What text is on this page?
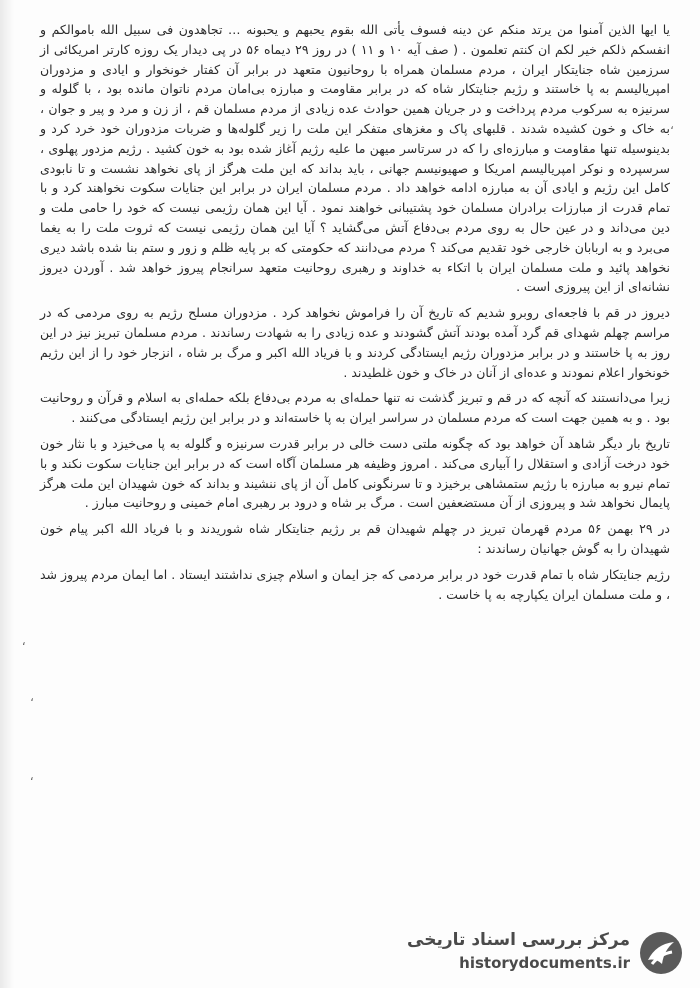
یا ایها الذین آمنوا من یرتد منکم عن دینه فسوف یأتی الله بقوم یحبهم و یحبونه … تجاهدون فی سبیل الله باموالکم و انفسکم ذلکم خیر لکم ان کنتم تعلمون . ( صف آیه ۱۰ و ۱۱ ) در روز ۲۹ دیماه ۵۶ در پی دیدار یک روزه کارتر امریکائی از سرزمین شاه جنایتکار ایران ، مردم مسلمان همراه با روحانیون متعهد در برابر آن کفتار خونخوار و ایادی و مزدوران امپریالیسم به پا خاستند و رژیم جنایتکار شاه که در برابر مقاومت و مبارزه بی‌امان مردم ناتوان مانده بود ، با گلوله و سرنیزه به سرکوب مردم پرداخت و در جریان همین حوادث عده زیادی از مردم مسلمان قم ، از زن و مرد و پیر و جوان ، به خاک و خون کشیده شدند . قلبهای پاک و مغزهای متفکر این ملت را زیر گلوله‌ها و ضربات مزدوران خود خرد کرد و بدینوسیله تنها مقاومت و مبارزه‌ای را که در سرتاسر میهن ما علیه رژیم آغاز شده بود به خون کشید . رژیم مزدور پهلوی ، سرسپرده و نوکر امپریالیسم امریکا و صهیونیسم جهانی ، باید بداند که این ملت هرگز از پای نخواهد نشست و تا نابودی کامل این رژیم و ایادی آن به مبارزه ادامه خواهد داد . مردم مسلمان ایران در برابر این جنایات سکوت نخواهند کرد و با تمام قدرت از مبارزات برادران مسلمان خود پشتیبانی خواهند نمود . آیا این همان رژیمی نیست که خود را حامی ملت و دین می‌داند و در عین حال به روی مردم بی‌دفاع آتش می‌گشاید ؟ آیا این همان رژیمی نیست که ثروت ملت را به یغما می‌برد و به اربابان خارجی خود تقدیم می‌کند ؟ مردم می‌دانند که حکومتی که بر پایه ظلم و زور و ستم بنا شده باشد دیری نخواهد پائید و ملت مسلمان ایران با اتکاء به خداوند و رهبری روحانیت متعهد سرانجام پیروز خواهد شد . آوردن دیروز نشانه‌ای از این پیروزی است .

دیروز در قم با فاجعه‌ای روبرو شدیم که تاریخ آن را فراموش نخواهد کرد . مزدوران مسلح رژیم به روی مردمی که در مراسم چهلم شهدای قم گرد آمده بودند آتش گشودند و عده زیادی را به شهادت رساندند . مردم مسلمان تبریز نیز در این روز به پا خاستند و در برابر مزدوران رژیم ایستادگی کردند و با فریاد الله اکبر و مرگ بر شاه ، انزجار خود را از این رژیم خونخوار اعلام نمودند و عده‌ای از آنان در خاک و خون غلطیدند .

زیرا می‌دانستند که آنچه که در قم و تبریز گذشت نه تنها حمله‌ای به مردم بی‌دفاع بلکه حمله‌ای به اسلام و قرآن و روحانیت بود . و به همین جهت است که مردم مسلمان در سراسر ایران به پا خاسته‌اند و در برابر این رژیم ایستادگی می‌کنند .

تاریخ بار دیگر شاهد آن خواهد بود که چگونه ملتی دست خالی در برابر قدرت سرنیزه و گلوله به پا می‌خیزد و با نثار خون خود درخت آزادی و استقلال را آبیاری می‌کند . امروز وظیفه هر مسلمان آگاه است که در برابر این جنایات سکوت نکند و با تمام نیرو به مبارزه با رژیم ستمشاهی برخیزد و تا سرنگونی کامل آن از پای ننشیند و بداند که خون شهیدان این ملت هرگز پایمال نخواهد شد و پیروزی از آن مستضعفین است . مرگ بر شاه و درود بر رهبری امام خمینی و روحانیت مبارز .

در ۲۹ بهمن ۵۶ مردم قهرمان تبریز در چهلم شهیدان قم بر رژیم جنایتکار شاه شوریدند و با فریاد الله اکبر پیام خون شهیدان را به گوش جهانیان رساندند :

رژیم جنایتکار شاه با تمام قدرت خود در برابر مردمی که جز ایمان و اسلام چیزی نداشتند ایستاد . اما ایمان مردم پیروز شد ، و ملت مسلمان ایران یکپارچه به پا خاست .

‘
،
‘
،
مرکز بررسی اسناد تاریخی
historydocuments.ir
